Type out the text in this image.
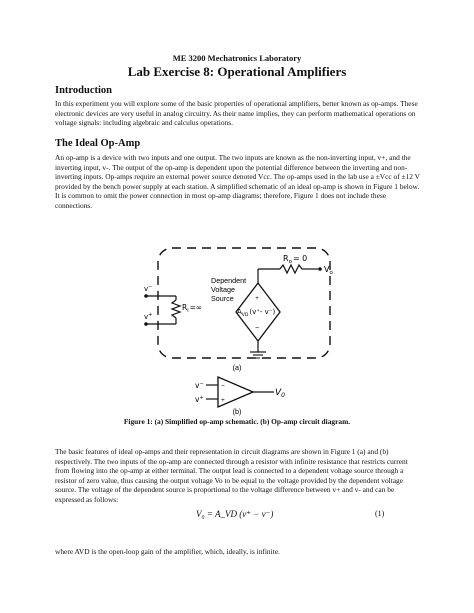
ME 3200 Mechatronics Laboratory
Lab Exercise 8: Operational Amplifiers
Introduction

In this experiment you will explore some of the basic properties of operational amplifiers, better known as op-amps. These electronic devices are very useful in analog circuitry. As their name implies, they can perform mathematical operations on voltage signals: including algebraic and calculus operations.

The Ideal Op-Amp

An op-amp is a device with two inputs and one output. The two inputs are known as the non-inverting input, v+, and the inverting input, v-. The output of the op-amp is dependent upon the potential difference between the inverting and non-inverting inputs. Op-amps require an external power source denoted Vcc. The op-amps used in the lab use a ±Vcc of ±12 V provided by the bench power supply at each station. A simplified schematic of an ideal op-amp is shown in Figure 1 below. It is common to omit the power connection in most op-amp diagrams; therefore, Figure 1 does not include these connections.

$R_o= 0$
$V_o$
+
−
Dependent
Voltage
Source
$A_{VD}(v^+-$ v⁻)
v−
v+
$R_i=\infty$
(a)
−
+
v−
v+	$V_0$
(b)
Figure 1: (a) Simplified op-amp schematic. (b) Op-amp circuit diagram.

The basic features of ideal op-amps and their representation in circuit diagrams are shown in Figure 1 (a) and (b) respectively. The two inputs of the op-amp are connected through a resistor with infinite resistance that restricts current from flowing into the op-amp at either terminal. The output lead is connected to a dependent voltage source through a resistor of zero value, thus causing the output voltage Vo to be equal to the voltage provided by the dependent voltage source. The voltage of the dependent source is proportional to the voltage difference between v+ and v- and can be expressed as follows:

V₀ = A_VD (v⁺ − v⁻)	(1)

where AVD is the open-loop gain of the amplifier, which, ideally, is infinite.
